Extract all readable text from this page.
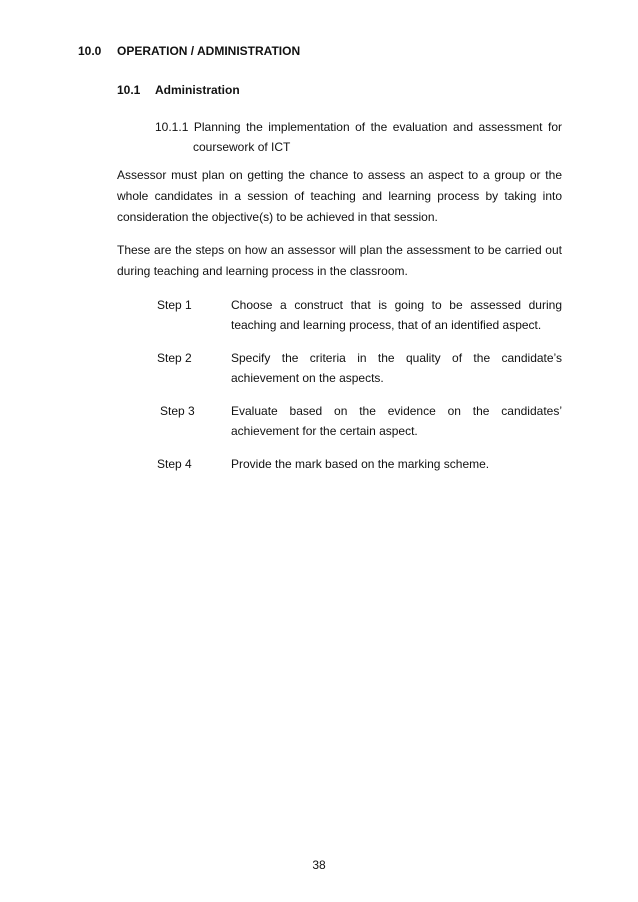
10.0 OPERATION / ADMINISTRATION
10.1 Administration
10.1.1 Planning the implementation of the evaluation and assessment for
coursework of ICT
Assessor must plan on getting the chance to assess an aspect to a group or the whole candidates in a session of teaching and learning process by taking into consideration the objective(s) to be achieved in that session.
These are the steps on how an assessor will plan the assessment to be carried out during teaching and learning process in the classroom.
Step 1	Choose a construct that is going to be assessed during teaching and learning process, that of an identified aspect.
Step 2	Specify the criteria in the quality of the candidate’s achievement on the aspects.
Step 3	Evaluate based on the evidence on the candidates’ achievement for the certain aspect.
Step 4	Provide the mark based on the marking scheme.
38
